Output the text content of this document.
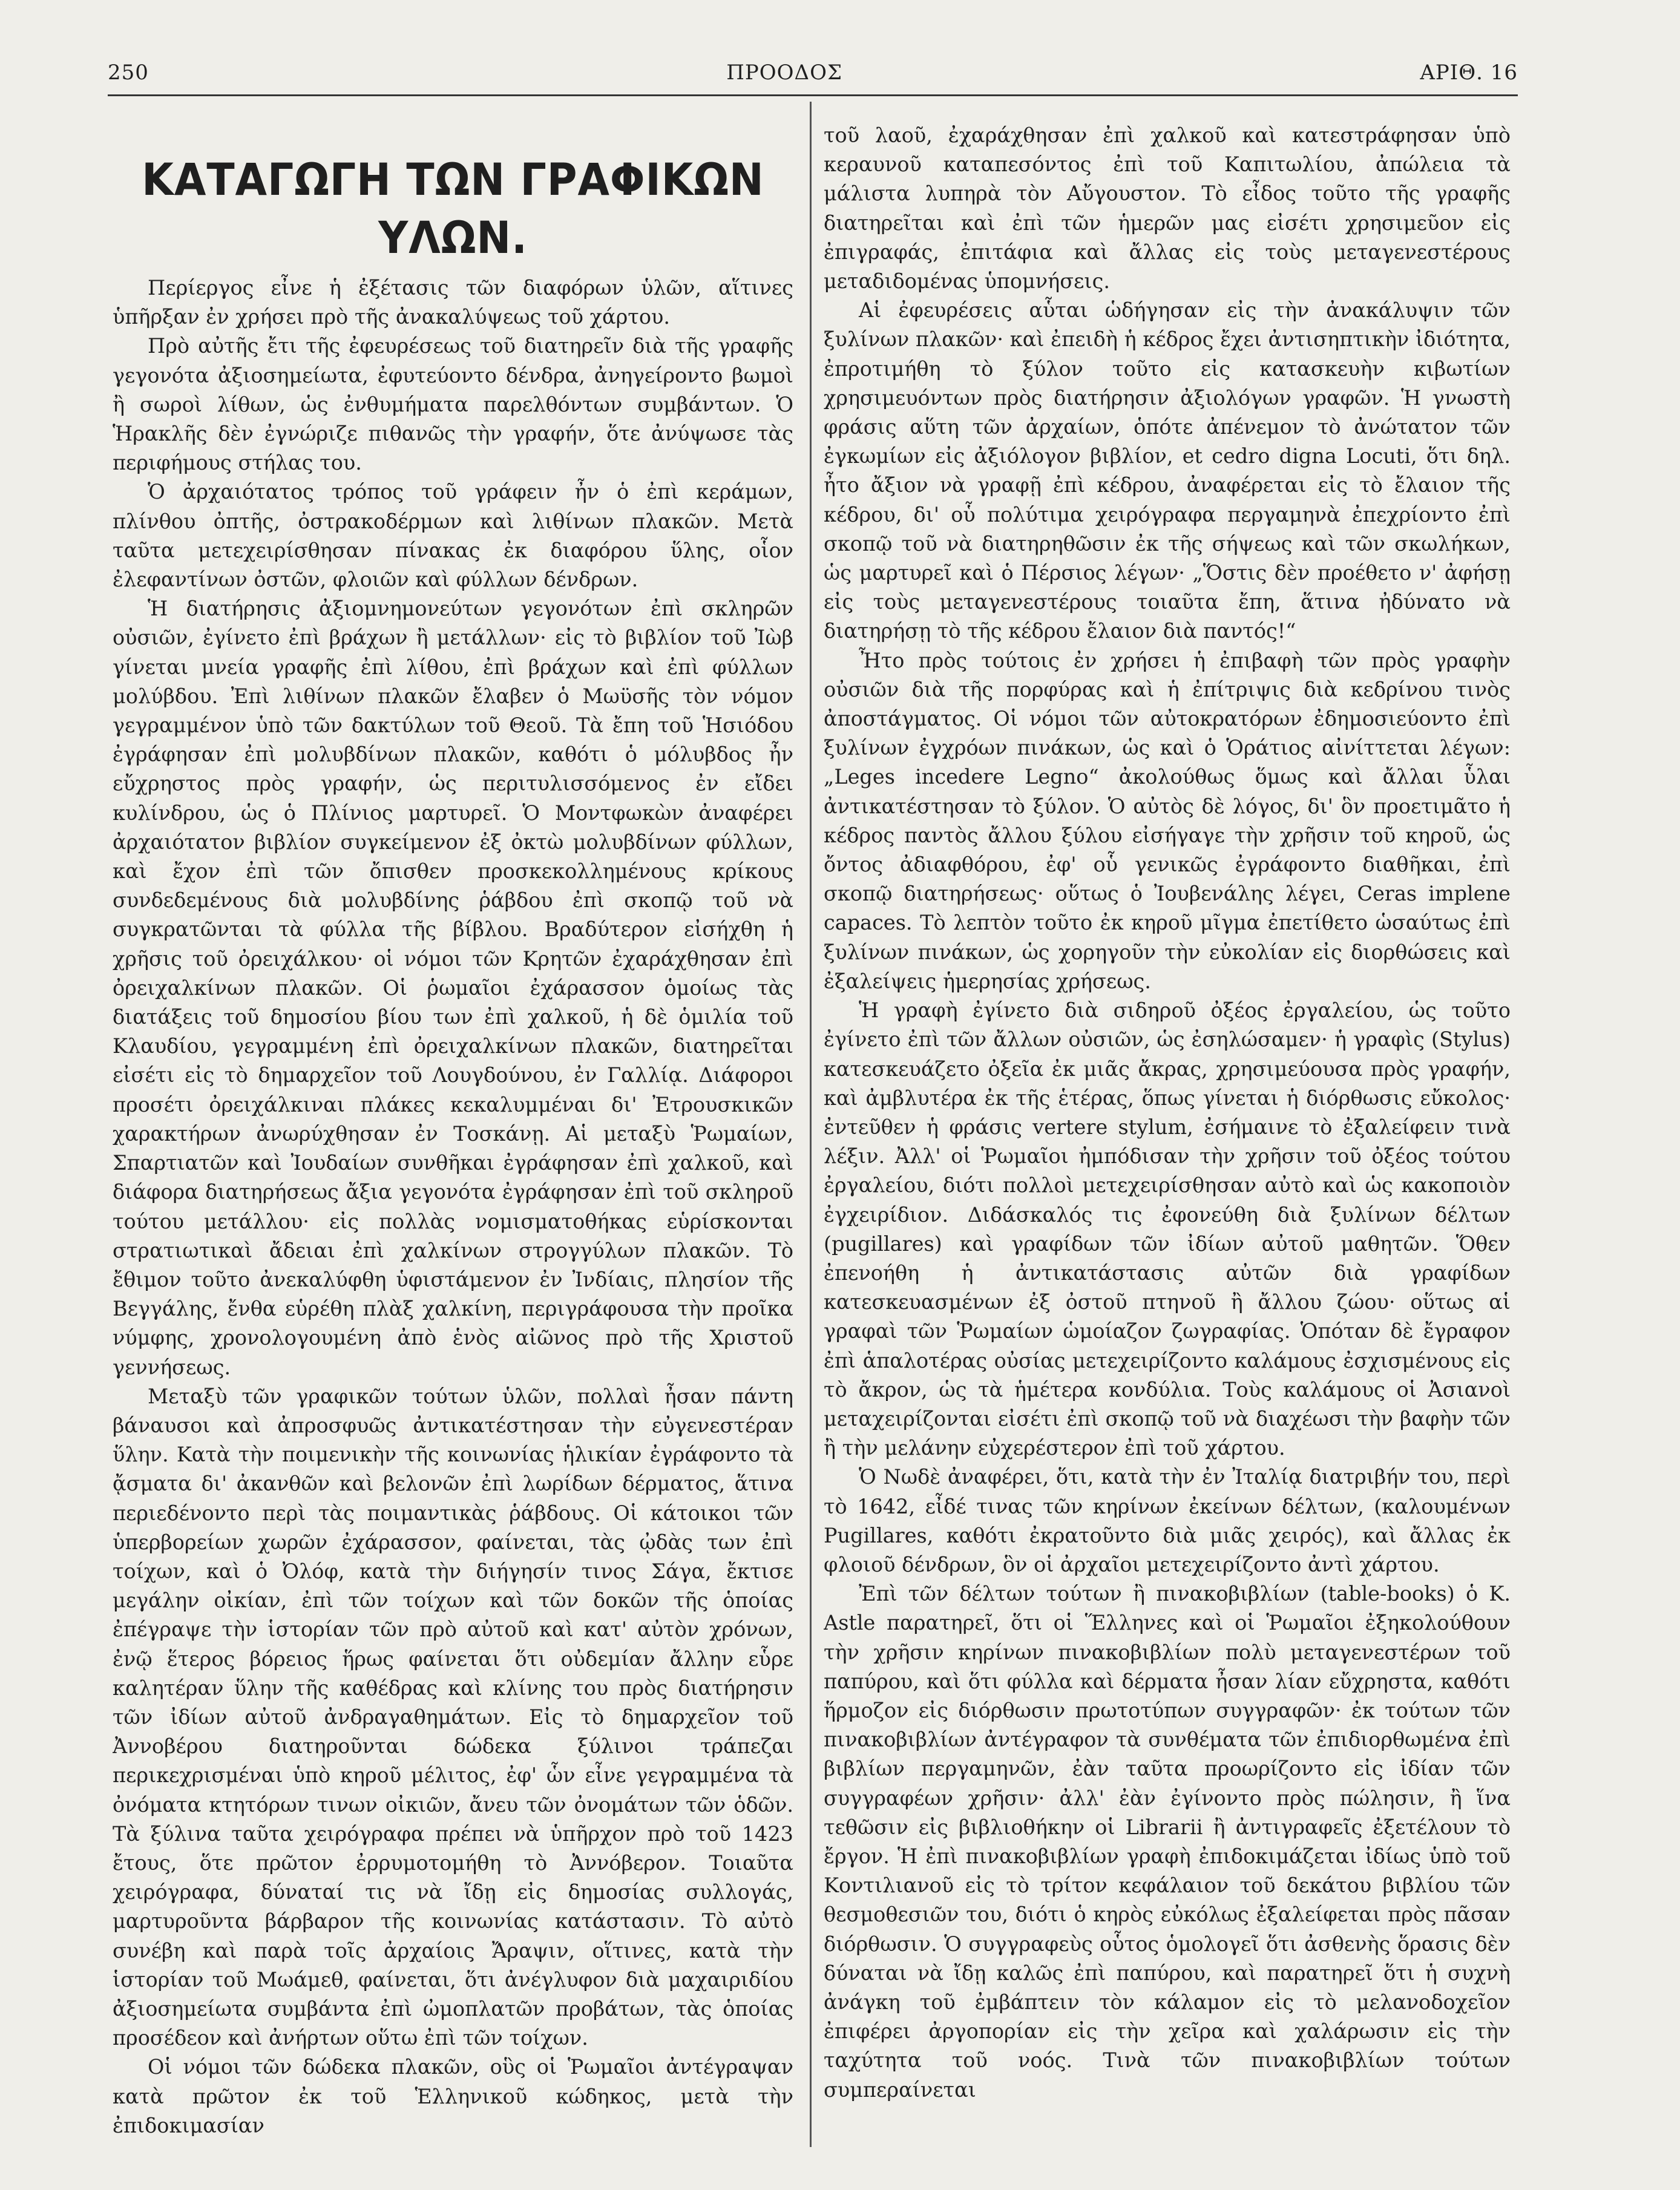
250	ΠΡΟΟΔΟΣ	ΑΡΙΘ. 16
ΚΑΤΑΓΩΓΗ ΤΩΝ ΓΡΑΦΙΚΩΝ ΥΛΩΝ.

Περίεργος εἶνε ἡ ἐξέτασις τῶν διαφόρων ὑλῶν, αἵτινες ὑπῆρξαν ἐν χρήσει πρὸ τῆς ἀνακαλύψεως τοῦ χάρτου.

Πρὸ αὐτῆς ἔτι τῆς ἐφευρέσεως τοῦ διατηρεῖν διὰ τῆς γραφῆς γεγονότα ἀξιοσημείωτα, ἐφυτεύοντο δένδρα, ἀνηγείροντο βωμοὶ ἢ σωροὶ λίθων, ὡς ἐνθυμήματα παρελθόντων συμβάντων. Ὁ Ἡρακλῆς δὲν ἐγνώριζε πιθανῶς τὴν γραφήν, ὅτε ἀνύψωσε τὰς περιφήμους στήλας του.

Ὁ ἀρχαιότατος τρόπος τοῦ γράφειν ἦν ὁ ἐπὶ κεράμων, πλίνθου ὀπτῆς, ὀστρακοδέρμων καὶ λιθίνων πλακῶν. Μετὰ ταῦτα μετεχειρίσθησαν πίνακας ἐκ διαφόρου ὕλης, οἷον ἐλεφαντίνων ὀστῶν, φλοιῶν καὶ φύλλων δένδρων.

Ἡ διατήρησις ἀξιομνημονεύτων γεγονότων ἐπὶ σκληρῶν οὐσιῶν, ἐγίνετο ἐπὶ βράχων ἢ μετάλλων· εἰς τὸ βιβλίον τοῦ Ἰὼβ γίνεται μνεία γραφῆς ἐπὶ λίθου, ἐπὶ βράχων καὶ ἐπὶ φύλλων μολύβδου. Ἐπὶ λιθίνων πλακῶν ἔλαβεν ὁ Μωϋσῆς τὸν νόμον γεγραμμένον ὑπὸ τῶν δακτύλων τοῦ Θεοῦ. Τὰ ἔπη τοῦ Ἡσιόδου ἐγράφησαν ἐπὶ μολυβδίνων πλακῶν, καθότι ὁ μόλυβδος ἦν εὔχρηστος πρὸς γραφήν, ὡς περιτυλισσόμενος ἐν εἴδει κυλίνδρου, ὡς ὁ Πλίνιος μαρτυρεῖ. Ὁ Μοντφωκὼν ἀναφέρει ἀρχαιότατον βιβλίον συγκείμενον ἐξ ὀκτὼ μολυβδίνων φύλλων, καὶ ἔχον ἐπὶ τῶν ὄπισθεν προσκεκολλημένους κρίκους συνδεδεμένους διὰ μολυβδίνης ῥάβδου ἐπὶ σκοπῷ τοῦ νὰ συγκρατῶνται τὰ φύλλα τῆς βίβλου. Βραδύτερον εἰσήχθη ἡ χρῆσις τοῦ ὀρειχάλκου· οἱ νόμοι τῶν Κρητῶν ἐχαράχθησαν ἐπὶ ὀρειχαλκίνων πλακῶν. Οἱ ῥωμαῖοι ἐχάρασσον ὁμοίως τὰς διατάξεις τοῦ δημοσίου βίου των ἐπὶ χαλκοῦ, ἡ δὲ ὁμιλία τοῦ Κλαυδίου, γεγραμμένη ἐπὶ ὀρειχαλκίνων πλακῶν, διατηρεῖται εἰσέτι εἰς τὸ δημαρχεῖον τοῦ Λουγδούνου, ἐν Γαλλίᾳ. Διάφοροι προσέτι ὀρειχάλκιναι πλάκες κεκαλυμμέναι δι' Ἐτρουσκικῶν χαρακτήρων ἀνωρύχθησαν ἐν Τοσκάνῃ. Αἱ μεταξὺ Ῥωμαίων, Σπαρτιατῶν καὶ Ἰουδαίων συνθῆκαι ἐγράφησαν ἐπὶ χαλκοῦ, καὶ διάφορα διατηρήσεως ἄξια γεγονότα ἐγράφησαν ἐπὶ τοῦ σκληροῦ τούτου μετάλλου· εἰς πολλὰς νομισματοθήκας εὑρίσκονται στρατιωτικαὶ ἄδειαι ἐπὶ χαλκίνων στρογγύλων πλακῶν. Τὸ ἔθιμον τοῦτο ἀνεκαλύφθη ὑφιστάμενον ἐν Ἰνδίαις, πλησίον τῆς Βεγγάλης, ἔνθα εὑρέθη πλὰξ χαλκίνη, περιγράφουσα τὴν προῖκα νύμφης, χρονολογουμένη ἀπὸ ἑνὸς αἰῶνος πρὸ τῆς Χριστοῦ γεννήσεως.

Μεταξὺ τῶν γραφικῶν τούτων ὑλῶν, πολλαὶ ἦσαν πάντη βάναυσοι καὶ ἀπροσφυῶς ἀντικατέστησαν τὴν εὐγενεστέραν ὕλην. Κατὰ τὴν ποιμενικὴν τῆς κοινωνίας ἡλικίαν ἐγράφοντο τὰ ᾄσματα δι' ἀκανθῶν καὶ βελονῶν ἐπὶ λωρίδων δέρματος, ἅτινα περιεδένοντο περὶ τὰς ποιμαντικὰς ῥάβδους. Οἱ κάτοικοι τῶν ὑπερβορείων χωρῶν ἐχάρασσον, φαίνεται, τὰς ᾠδὰς των ἐπὶ τοίχων, καὶ ὁ Ὀλόφ, κατὰ τὴν διήγησίν τινος Σάγα, ἔκτισε μεγάλην οἰκίαν, ἐπὶ τῶν τοίχων καὶ τῶν δοκῶν τῆς ὁποίας ἐπέγραψε τὴν ἱστορίαν τῶν πρὸ αὐτοῦ καὶ κατ' αὐτὸν χρόνων, ἐνῷ ἕτερος βόρειος ἥρως φαίνεται ὅτι οὐδεμίαν ἄλλην εὗρε καλητέραν ὕλην τῆς καθέδρας καὶ κλίνης του πρὸς διατήρησιν τῶν ἰδίων αὐτοῦ ἀνδραγαθημάτων. Εἰς τὸ δημαρχεῖον τοῦ Ἀννοβέρου διατηροῦνται δώδεκα ξύλινοι τράπεζαι περικεχρισμέναι ὑπὸ κηροῦ μέλιτος, ἐφ' ὧν εἶνε γεγραμμένα τὰ ὀνόματα κτητόρων τινων οἰκιῶν, ἄνευ τῶν ὀνομάτων τῶν ὁδῶν. Τὰ ξύλινα ταῦτα χειρόγραφα πρέπει νὰ ὑπῆρχον πρὸ τοῦ 1423 ἔτους, ὅτε πρῶτον ἐρρυμοτομήθη τὸ Ἀννόβερον. Τοιαῦτα χειρόγραφα, δύναταί τις νὰ ἴδῃ εἰς δημοσίας συλλογάς, μαρτυροῦντα βάρβαρον τῆς κοινωνίας κατάστασιν. Τὸ αὐτὸ συνέβη καὶ παρὰ τοῖς ἀρχαίοις Ἄραψιν, οἵτινες, κατὰ τὴν ἱστορίαν τοῦ Μωάμεθ, φαίνεται, ὅτι ἀνέγλυφον διὰ μαχαιριδίου ἀξιοσημείωτα συμβάντα ἐπὶ ὠμοπλατῶν προβάτων, τὰς ὁποίας προσέδεον καὶ ἀνήρτων οὕτω ἐπὶ τῶν τοίχων.

Οἱ νόμοι τῶν δώδεκα πλακῶν, οὓς οἱ Ῥωμαῖοι ἀντέγραψαν κατὰ πρῶτον ἐκ τοῦ Ἑλληνικοῦ κώδηκος, μετὰ τὴν ἐπιδοκιμασίαν

τοῦ λαοῦ, ἐχαράχθησαν ἐπὶ χαλκοῦ καὶ κατεστράφησαν ὑπὸ κεραυνοῦ καταπεσόντος ἐπὶ τοῦ Καπιτωλίου, ἀπώλεια τὰ μάλιστα λυπηρὰ τὸν Αὔγουστον. Τὸ εἶδος τοῦτο τῆς γραφῆς διατηρεῖται καὶ ἐπὶ τῶν ἡμερῶν μας εἰσέτι χρησιμεῦον εἰς ἐπιγραφάς, ἐπιτάφια καὶ ἄλλας εἰς τοὺς μεταγενεστέρους μεταδιδομένας ὑπομνήσεις.

Αἱ ἐφευρέσεις αὗται ὡδήγησαν εἰς τὴν ἀνακάλυψιν τῶν ξυλίνων πλακῶν· καὶ ἐπειδὴ ἡ κέδρος ἔχει ἀντισηπτικὴν ἰδιότητα, ἐπροτιμήθη τὸ ξύλον τοῦτο εἰς κατασκευὴν κιβωτίων χρησιμευόντων πρὸς διατήρησιν ἀξιολόγων γραφῶν. Ἡ γνωστὴ φράσις αὕτη τῶν ἀρχαίων, ὁπότε ἀπένεμον τὸ ἀνώτατον τῶν ἐγκωμίων εἰς ἀξιόλογον βιβλίον, et cedro digna Locuti, ὅτι δηλ. ἦτο ἄξιον νὰ γραφῇ ἐπὶ κέδρου, ἀναφέρεται εἰς τὸ ἔλαιον τῆς κέδρου, δι' οὗ πολύτιμα χειρόγραφα περγαμηνὰ ἐπεχρίοντο ἐπὶ σκοπῷ τοῦ νὰ διατηρηθῶσιν ἐκ τῆς σήψεως καὶ τῶν σκωλήκων, ὡς μαρτυρεῖ καὶ ὁ Πέρσιος λέγων· „Ὅστις δὲν προέθετο ν' ἀφήσῃ εἰς τοὺς μεταγενεστέρους τοιαῦτα ἔπη, ἅτινα ἠδύνατο νὰ διατηρήσῃ τὸ τῆς κέδρου ἔλαιον διὰ παντός!“

Ἦτο πρὸς τούτοις ἐν χρήσει ἡ ἐπιβαφὴ τῶν πρὸς γραφὴν οὐσιῶν διὰ τῆς πορφύρας καὶ ἡ ἐπίτριψις διὰ κεδρίνου τινὸς ἀποστάγματος. Οἱ νόμοι τῶν αὐτοκρατόρων ἐδημοσιεύοντο ἐπὶ ξυλίνων ἐγχρόων πινάκων, ὡς καὶ ὁ Ὁράτιος αἰνίττεται λέγων: „Leges incedere Legno“ ἀκολούθως ὅμως καὶ ἄλλαι ὗλαι ἀντικατέστησαν τὸ ξύλον. Ὁ αὐτὸς δὲ λόγος, δι' ὃν προετιμᾶτο ἡ κέδρος παντὸς ἄλλου ξύλου εἰσήγαγε τὴν χρῆσιν τοῦ κηροῦ, ὡς ὄντος ἀδιαφθόρου, ἐφ' οὗ γενικῶς ἐγράφοντο διαθῆκαι, ἐπὶ σκοπῷ διατηρήσεως· οὕτως ὁ Ἰουβενάλης λέγει, Ceras implene capaces. Τὸ λεπτὸν τοῦτο ἐκ κηροῦ μῖγμα ἐπετίθετο ὡσαύτως ἐπὶ ξυλίνων πινάκων, ὡς χορηγοῦν τὴν εὐκολίαν εἰς διορθώσεις καὶ ἐξαλείψεις ἡμερησίας χρήσεως.

Ἡ γραφὴ ἐγίνετο διὰ σιδηροῦ ὀξέος ἐργαλείου, ὡς τοῦτο ἐγίνετο ἐπὶ τῶν ἄλλων οὐσιῶν, ὡς ἐσηλώσαμεν· ἡ γραφὶς (Stylus) κατεσκευάζετο ὀξεῖα ἐκ μιᾶς ἄκρας, χρησιμεύουσα πρὸς γραφήν, καὶ ἀμβλυτέρα ἐκ τῆς ἑτέρας, ὅπως γίνεται ἡ διόρθωσις εὔκολος· ἐντεῦθεν ἡ φράσις vertere stylum, ἐσήμαινε τὸ ἐξαλείφειν τινὰ λέξιν. Ἀλλ' οἱ Ῥωμαῖοι ἠμπόδισαν τὴν χρῆσιν τοῦ ὀξέος τούτου ἐργαλείου, διότι πολλοὶ μετεχειρίσθησαν αὐτὸ καὶ ὡς κακοποιὸν ἐγχειρίδιον. Διδάσκαλός τις ἐφονεύθη διὰ ξυλίνων δέλτων (pugillares) καὶ γραφίδων τῶν ἰδίων αὐτοῦ μαθητῶν. Ὅθεν ἐπενοήθη ἡ ἀντικατάστασις αὐτῶν διὰ γραφίδων κατεσκευασμένων ἐξ ὀστοῦ πτηνοῦ ἢ ἄλλου ζώου· οὕτως αἱ γραφαὶ τῶν Ῥωμαίων ὡμοίαζον ζωγραφίας. Ὁπόταν δὲ ἔγραφον ἐπὶ ἁπαλοτέρας οὐσίας μετεχειρίζοντο καλάμους ἐσχισμένους εἰς τὸ ἄκρον, ὡς τὰ ἡμέτερα κονδύλια. Τοὺς καλάμους οἱ Ἀσιανοὶ μεταχειρίζονται εἰσέτι ἐπὶ σκοπῷ τοῦ νὰ διαχέωσι τὴν βαφὴν τῶν ἢ τὴν μελάνην εὐχερέστερον ἐπὶ τοῦ χάρτου.

Ὁ Νωδὲ ἀναφέρει, ὅτι, κατὰ τὴν ἐν Ἰταλίᾳ διατριβήν του, περὶ τὸ 1642, εἶδέ τινας τῶν κηρίνων ἐκείνων δέλτων, (καλουμένων Pugillares, καθότι ἐκρατοῦντο διὰ μιᾶς χειρός), καὶ ἄλλας ἐκ φλοιοῦ δένδρων, ὃν οἱ ἀρχαῖοι μετεχειρίζοντο ἀντὶ χάρτου.

Ἐπὶ τῶν δέλτων τούτων ἢ πινακοβιβλίων (table-books) ὁ Κ. Astle παρατηρεῖ, ὅτι οἱ Ἕλληνες καὶ οἱ Ῥωμαῖοι ἐξηκολούθουν τὴν χρῆσιν κηρίνων πινακοβιβλίων πολὺ μεταγενεστέρων τοῦ παπύρου, καὶ ὅτι φύλλα καὶ δέρματα ἦσαν λίαν εὔχρηστα, καθότι ἥρμοζον εἰς διόρθωσιν πρωτοτύπων συγγραφῶν· ἐκ τούτων τῶν πινακοβιβλίων ἀντέγραφον τὰ συνθέματα τῶν ἐπιδιορθωμένα ἐπὶ βιβλίων περγαμηνῶν, ἐὰν ταῦτα προωρίζοντο εἰς ἰδίαν τῶν συγγραφέων χρῆσιν· ἀλλ' ἐὰν ἐγίνοντο πρὸς πώλησιν, ἢ ἵνα τεθῶσιν εἰς βιβλιοθήκην οἱ Librarii ἢ ἀντιγραφεῖς ἐξετέλουν τὸ ἔργον. Ἡ ἐπὶ πινακοβιβλίων γραφὴ ἐπιδοκιμάζεται ἰδίως ὑπὸ τοῦ Κοντιλιανοῦ εἰς τὸ τρίτον κεφάλαιον τοῦ δεκάτου βιβλίου τῶν θεσμοθεσιῶν του, διότι ὁ κηρὸς εὐκόλως ἐξαλείφεται πρὸς πᾶσαν διόρθωσιν. Ὁ συγγραφεὺς οὗτος ὁμολογεῖ ὅτι ἀσθενὴς ὅρασις δὲν δύναται νὰ ἴδῃ καλῶς ἐπὶ παπύρου, καὶ παρατηρεῖ ὅτι ἡ συχνὴ ἀνάγκη τοῦ ἐμβάπτειν τὸν κάλαμον εἰς τὸ μελανοδοχεῖον ἐπιφέρει ἀργοπορίαν εἰς τὴν χεῖρα καὶ χαλάρωσιν εἰς τὴν ταχύτητα τοῦ νοός. Τινὰ τῶν πινακοβιβλίων τούτων συμπεραίνεται
